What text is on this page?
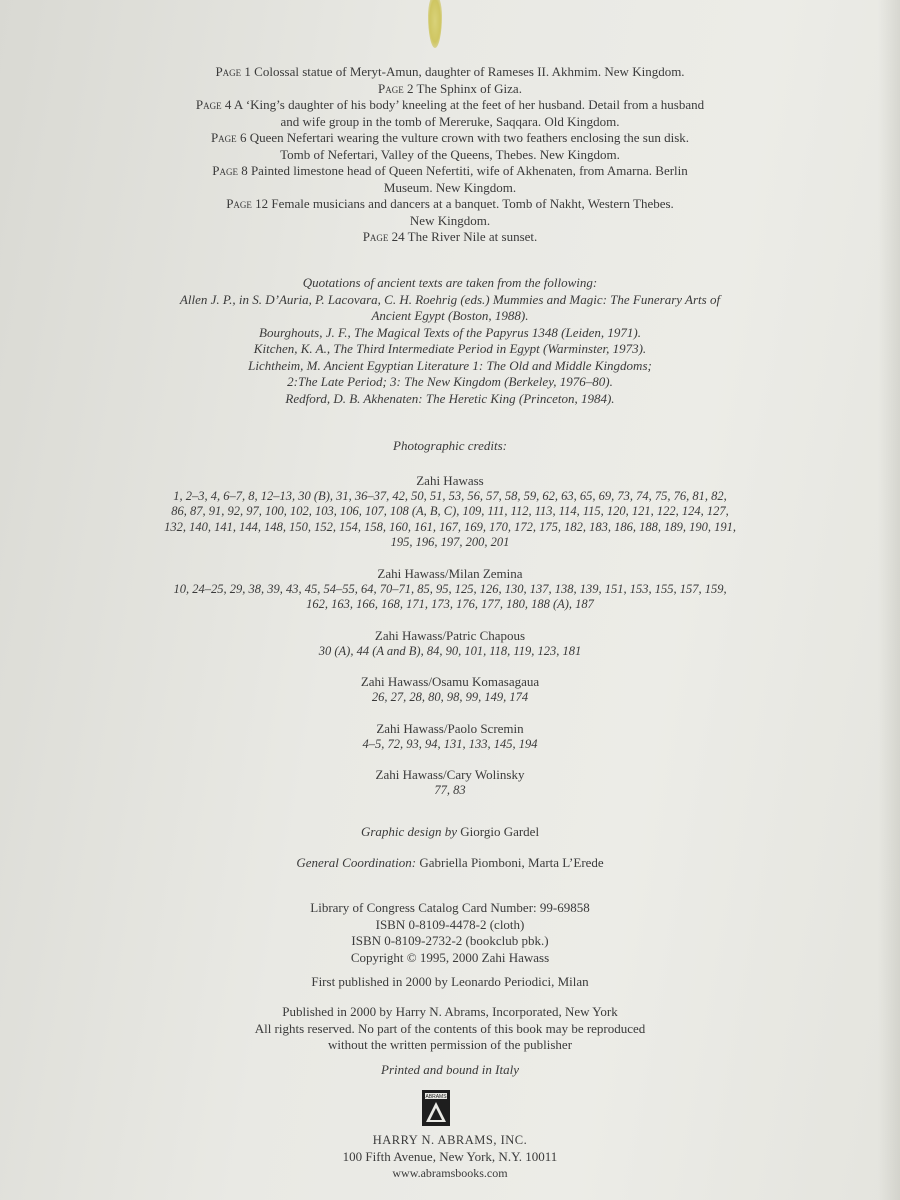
Page 1 Colossal statue of Meryt-Amun, daughter of Rameses II. Akhmim. New Kingdom.
Page 2 The Sphinx of Giza.
Page 4 A ‘King’s daughter of his body’ kneeling at the feet of her husband. Detail from a husband
and wife group in the tomb of Mereruke, Saqqara. Old Kingdom.
Page 6 Queen Nefertari wearing the vulture crown with two feathers enclosing the sun disk.
Tomb of Nefertari, Valley of the Queens, Thebes. New Kingdom.
Page 8 Painted limestone head of Queen Nefertiti, wife of Akhenaten, from Amarna. Berlin
Museum. New Kingdom.
Page 12 Female musicians and dancers at a banquet. Tomb of Nakht, Western Thebes.
New Kingdom.
Page 24 The River Nile at sunset.
Quotations of ancient texts are taken from the following:
Allen J. P., in S. D’Auria, P. Lacovara, C. H. Roehrig (eds.) Mummies and Magic: The Funerary Arts of
Ancient Egypt (Boston, 1988).
Bourghouts, J. F., The Magical Texts of the Papyrus 1348 (Leiden, 1971).
Kitchen, K. A., The Third Intermediate Period in Egypt (Warminster, 1973).
Lichtheim, M. Ancient Egyptian Literature 1: The Old and Middle Kingdoms;
2:The Late Period; 3: The New Kingdom (Berkeley, 1976–80).
Redford, D. B. Akhenaten: The Heretic King (Princeton, 1984).
Photographic credits:
Zahi Hawass
1, 2–3, 4, 6–7, 8, 12–13, 30 (B), 31, 36–37, 42, 50, 51, 53, 56, 57, 58, 59, 62, 63, 65, 69, 73, 74, 75, 76, 81, 82,
86, 87, 91, 92, 97, 100, 102, 103, 106, 107, 108 (A, B, C), 109, 111, 112, 113, 114, 115, 120, 121, 122, 124, 127,
132, 140, 141, 144, 148, 150, 152, 154, 158, 160, 161, 167, 169, 170, 172, 175, 182, 183, 186, 188, 189, 190, 191,
195, 196, 197, 200, 201
Zahi Hawass/Milan Zemina
10, 24–25, 29, 38, 39, 43, 45, 54–55, 64, 70–71, 85, 95, 125, 126, 130, 137, 138, 139, 151, 153, 155, 157, 159,
162, 163, 166, 168, 171, 173, 176, 177, 180, 188 (A), 187
Zahi Hawass/Patric Chapous
30 (A), 44 (A and B), 84, 90, 101, 118, 119, 123, 181
Zahi Hawass/Osamu Komasagaua
26, 27, 28, 80, 98, 99, 149, 174
Zahi Hawass/Paolo Scremin
4–5, 72, 93, 94, 131, 133, 145, 194
Zahi Hawass/Cary Wolinsky
77, 83
Graphic design by Giorgio Gardel
General Coordination: Gabriella Piomboni, Marta L’Erede
Library of Congress Catalog Card Number: 99-69858
ISBN 0-8109-4478-2 (cloth)
ISBN 0-8109-2732-2 (bookclub pbk.)
Copyright © 1995, 2000 Zahi Hawass
First published in 2000 by Leonardo Periodici, Milan
Published in 2000 by Harry N. Abrams, Incorporated, New York
All rights reserved. No part of the contents of this book may be reproduced
without the written permission of the publisher
Printed and bound in Italy
ABRAMS
HARRY N. ABRAMS, INC.
100 Fifth Avenue, New York, N.Y. 10011
www.abramsbooks.com
